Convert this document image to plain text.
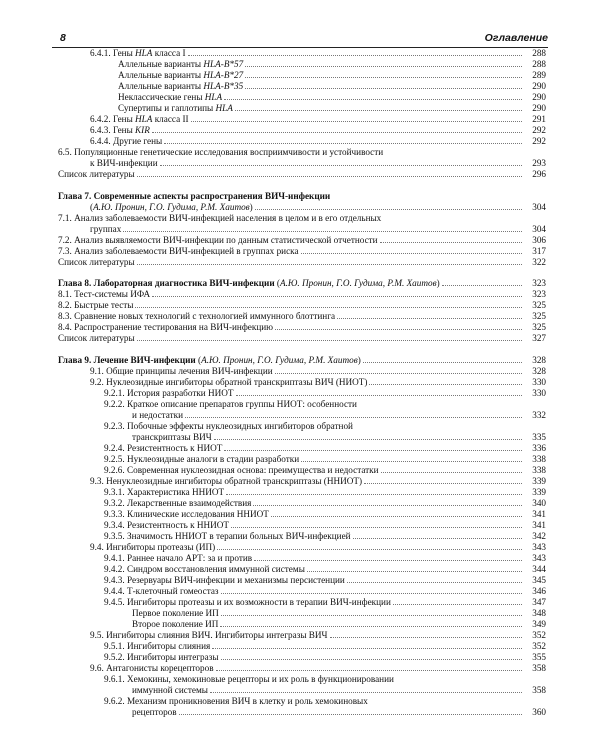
8	Оглавление
6.4.1. Гены HLA класса I	288
Аллельные варианты HLA-B*57	288
Аллельные варианты HLA-B*27	289
Аллельные варианты HLA-B*35	290
Неклассические гены HLA	290
Супертипы и гаплотипы HLA	290
6.4.2. Гены HLA класса II	291
6.4.3. Гены KIR	292
6.4.4. Другие гены	292
6.5. Популяционные генетические исследования восприимчивости и устойчивости
к ВИЧ-инфекции	293
Список литературы	296
Глава 7. Современные аспекты распространения ВИЧ-инфекции
(А.Ю. Пронин, Г.О. Гудима, Р.М. Хаитов)	304
7.1. Анализ заболеваемости ВИЧ-инфекцией населения в целом и в его отдельных
группах	304
7.2. Анализ выявляемости ВИЧ-инфекции по данным статистической отчетности	306
7.3. Анализ заболеваемости ВИЧ-инфекцией в группах риска	317
Список литературы	322
Глава 8. Лабораторная диагностика ВИЧ-инфекции (А.Ю. Пронин, Г.О. Гудима, Р.М. Хаитов)	323
8.1. Тест-системы ИФА	323
8.2. Быстрые тесты	325
8.3. Сравнение новых технологий с технологией иммунного блоттинга	325
8.4. Распространение тестирования на ВИЧ-инфекцию	325
Список литературы	327
Глава 9. Лечение ВИЧ-инфекции (А.Ю. Пронин, Г.О. Гудима, Р.М. Хаитов)	328
9.1. Общие принципы лечения ВИЧ-инфекции	328
9.2. Нуклеозидные ингибиторы обратной транскриптазы ВИЧ (НИОТ)	330
9.2.1. История разработки НИОТ	330
9.2.2. Краткое описание препаратов группы НИОТ: особенности
и недостатки	332
9.2.3. Побочные эффекты нуклеозидных ингибиторов обратной
транскриптазы ВИЧ	335
9.2.4. Резистентность к НИОТ	336
9.2.5. Нуклеозидные аналоги в стадии разработки	338
9.2.6. Современная нуклеозидная основа: преимущества и недостатки	338
9.3. Ненуклеозидные ингибиторы обратной транскриптазы (ННИОТ)	339
9.3.1. Характеристика ННИОТ	339
9.3.2. Лекарственные взаимодействия	340
9.3.3. Клинические исследования ННИОТ	341
9.3.4. Резистентность к ННИОТ	341
9.3.5. Значимость ННИОТ в терапии больных ВИЧ-инфекцией	342
9.4. Ингибиторы протеазы (ИП)	343
9.4.1. Раннее начало АРТ: за и против	343
9.4.2. Синдром восстановления иммунной системы	344
9.4.3. Резервуары ВИЧ-инфекции и механизмы персистенции	345
9.4.4. Т-клеточный гомеостаз	346
9.4.5. Ингибиторы протеазы и их возможности в терапии ВИЧ-инфекции	347
Первое поколение ИП	348
Второе поколение ИП	349
9.5. Ингибиторы слияния ВИЧ. Ингибиторы интегразы ВИЧ	352
9.5.1. Ингибиторы слияния	352
9.5.2. Ингибиторы интегразы	355
9.6. Антагонисты корецепторов	358
9.6.1. Хемокины, хемокиновые рецепторы и их роль в функционировании
иммунной системы	358
9.6.2. Механизм проникновения ВИЧ в клетку и роль хемокиновых
рецепторов	360
